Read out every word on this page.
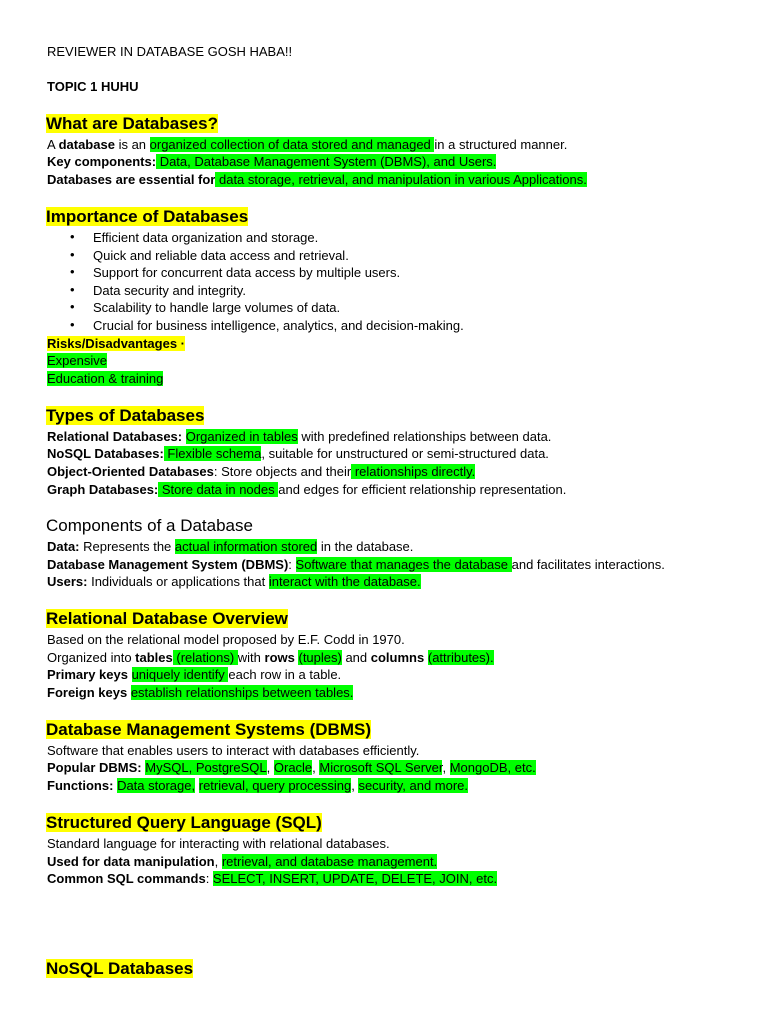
REVIEWER IN DATABASE GOSH HABA!!
TOPIC 1 HUHU
What are Databases?
A database is an organized collection of data stored and managed in a structured manner.
Key components: Data, Database Management System (DBMS), and Users.
Databases are essential for data storage, retrieval, and manipulation in various Applications.
Importance of Databases
• Efficient data organization and storage.
• Quick and reliable data access and retrieval.
• Support for concurrent data access by multiple users.
• Data security and integrity.
• Scalability to handle large volumes of data.
• Crucial for business intelligence, analytics, and decision-making.
Risks/Disadvantages ·
Expensive
Education & training
Types of Databases
Relational Databases: Organized in tables with predefined relationships between data.
NoSQL Databases: Flexible schema, suitable for unstructured or semi-structured data.
Object-Oriented Databases: Store objects and their relationships directly.
Graph Databases: Store data in nodes and edges for efficient relationship representation.
Components of a Database
Data: Represents the actual information stored in the database.
Database Management System (DBMS): Software that manages the database and facilitates interactions.
Users: Individuals or applications that interact with the database.
Relational Database Overview
Based on the relational model proposed by E.F. Codd in 1970.
Organized into tables (relations) with rows (tuples) and columns (attributes).
Primary keys uniquely identify each row in a table.
Foreign keys establish relationships between tables.
Database Management Systems (DBMS)
Software that enables users to interact with databases efficiently.
Popular DBMS: MySQL, PostgreSQL, Oracle, Microsoft SQL Server, MongoDB, etc.
Functions: Data storage, retrieval, query processing, security, and more.
Structured Query Language (SQL)
Standard language for interacting with relational databases.
Used for data manipulation, retrieval, and database management.
Common SQL commands: SELECT, INSERT, UPDATE, DELETE, JOIN, etc.
NoSQL Databases
